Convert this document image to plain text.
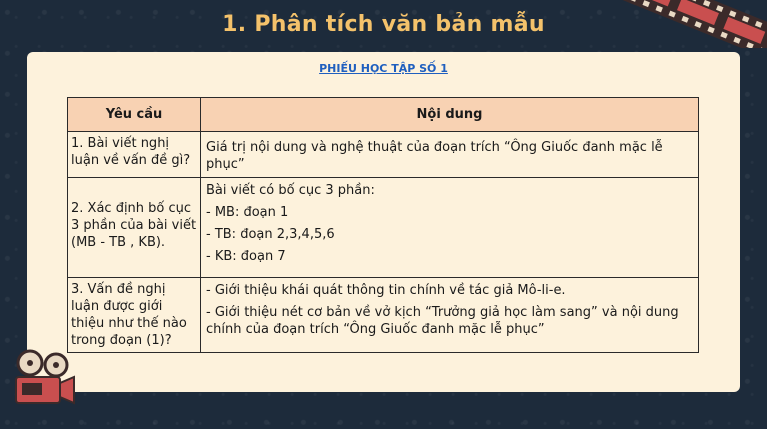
1. Phân tích văn bản mẫu
PHIẾU HỌC TẬP SỐ 1
Yêu cầu	Nội dung
1. Bài viết nghị luận về vấn đề gì?	Giá trị nội dung và nghệ thuật của đoạn trích “Ông Giuốc đanh mặc lễ phục”

2. Xác định bố cục 3 phần của bài viết (MB - TB , KB).	Bài viết có bố cục 3 phần:

- MB: đoạn 1

- TB: đoạn 2,3,4,5,6

- KB: đoạn 7

3. Vấn đề nghị luận được giới thiệu như thế nào trong đoạn (1)?	- Giới thiệu khái quát thông tin chính về tác giả Mô-li-e.

- Giới thiệu nét cơ bản về vở kịch “Trưởng giả học làm sang” và nội dung chính của đoạn trích “Ông Giuốc đanh mặc lễ phục”
